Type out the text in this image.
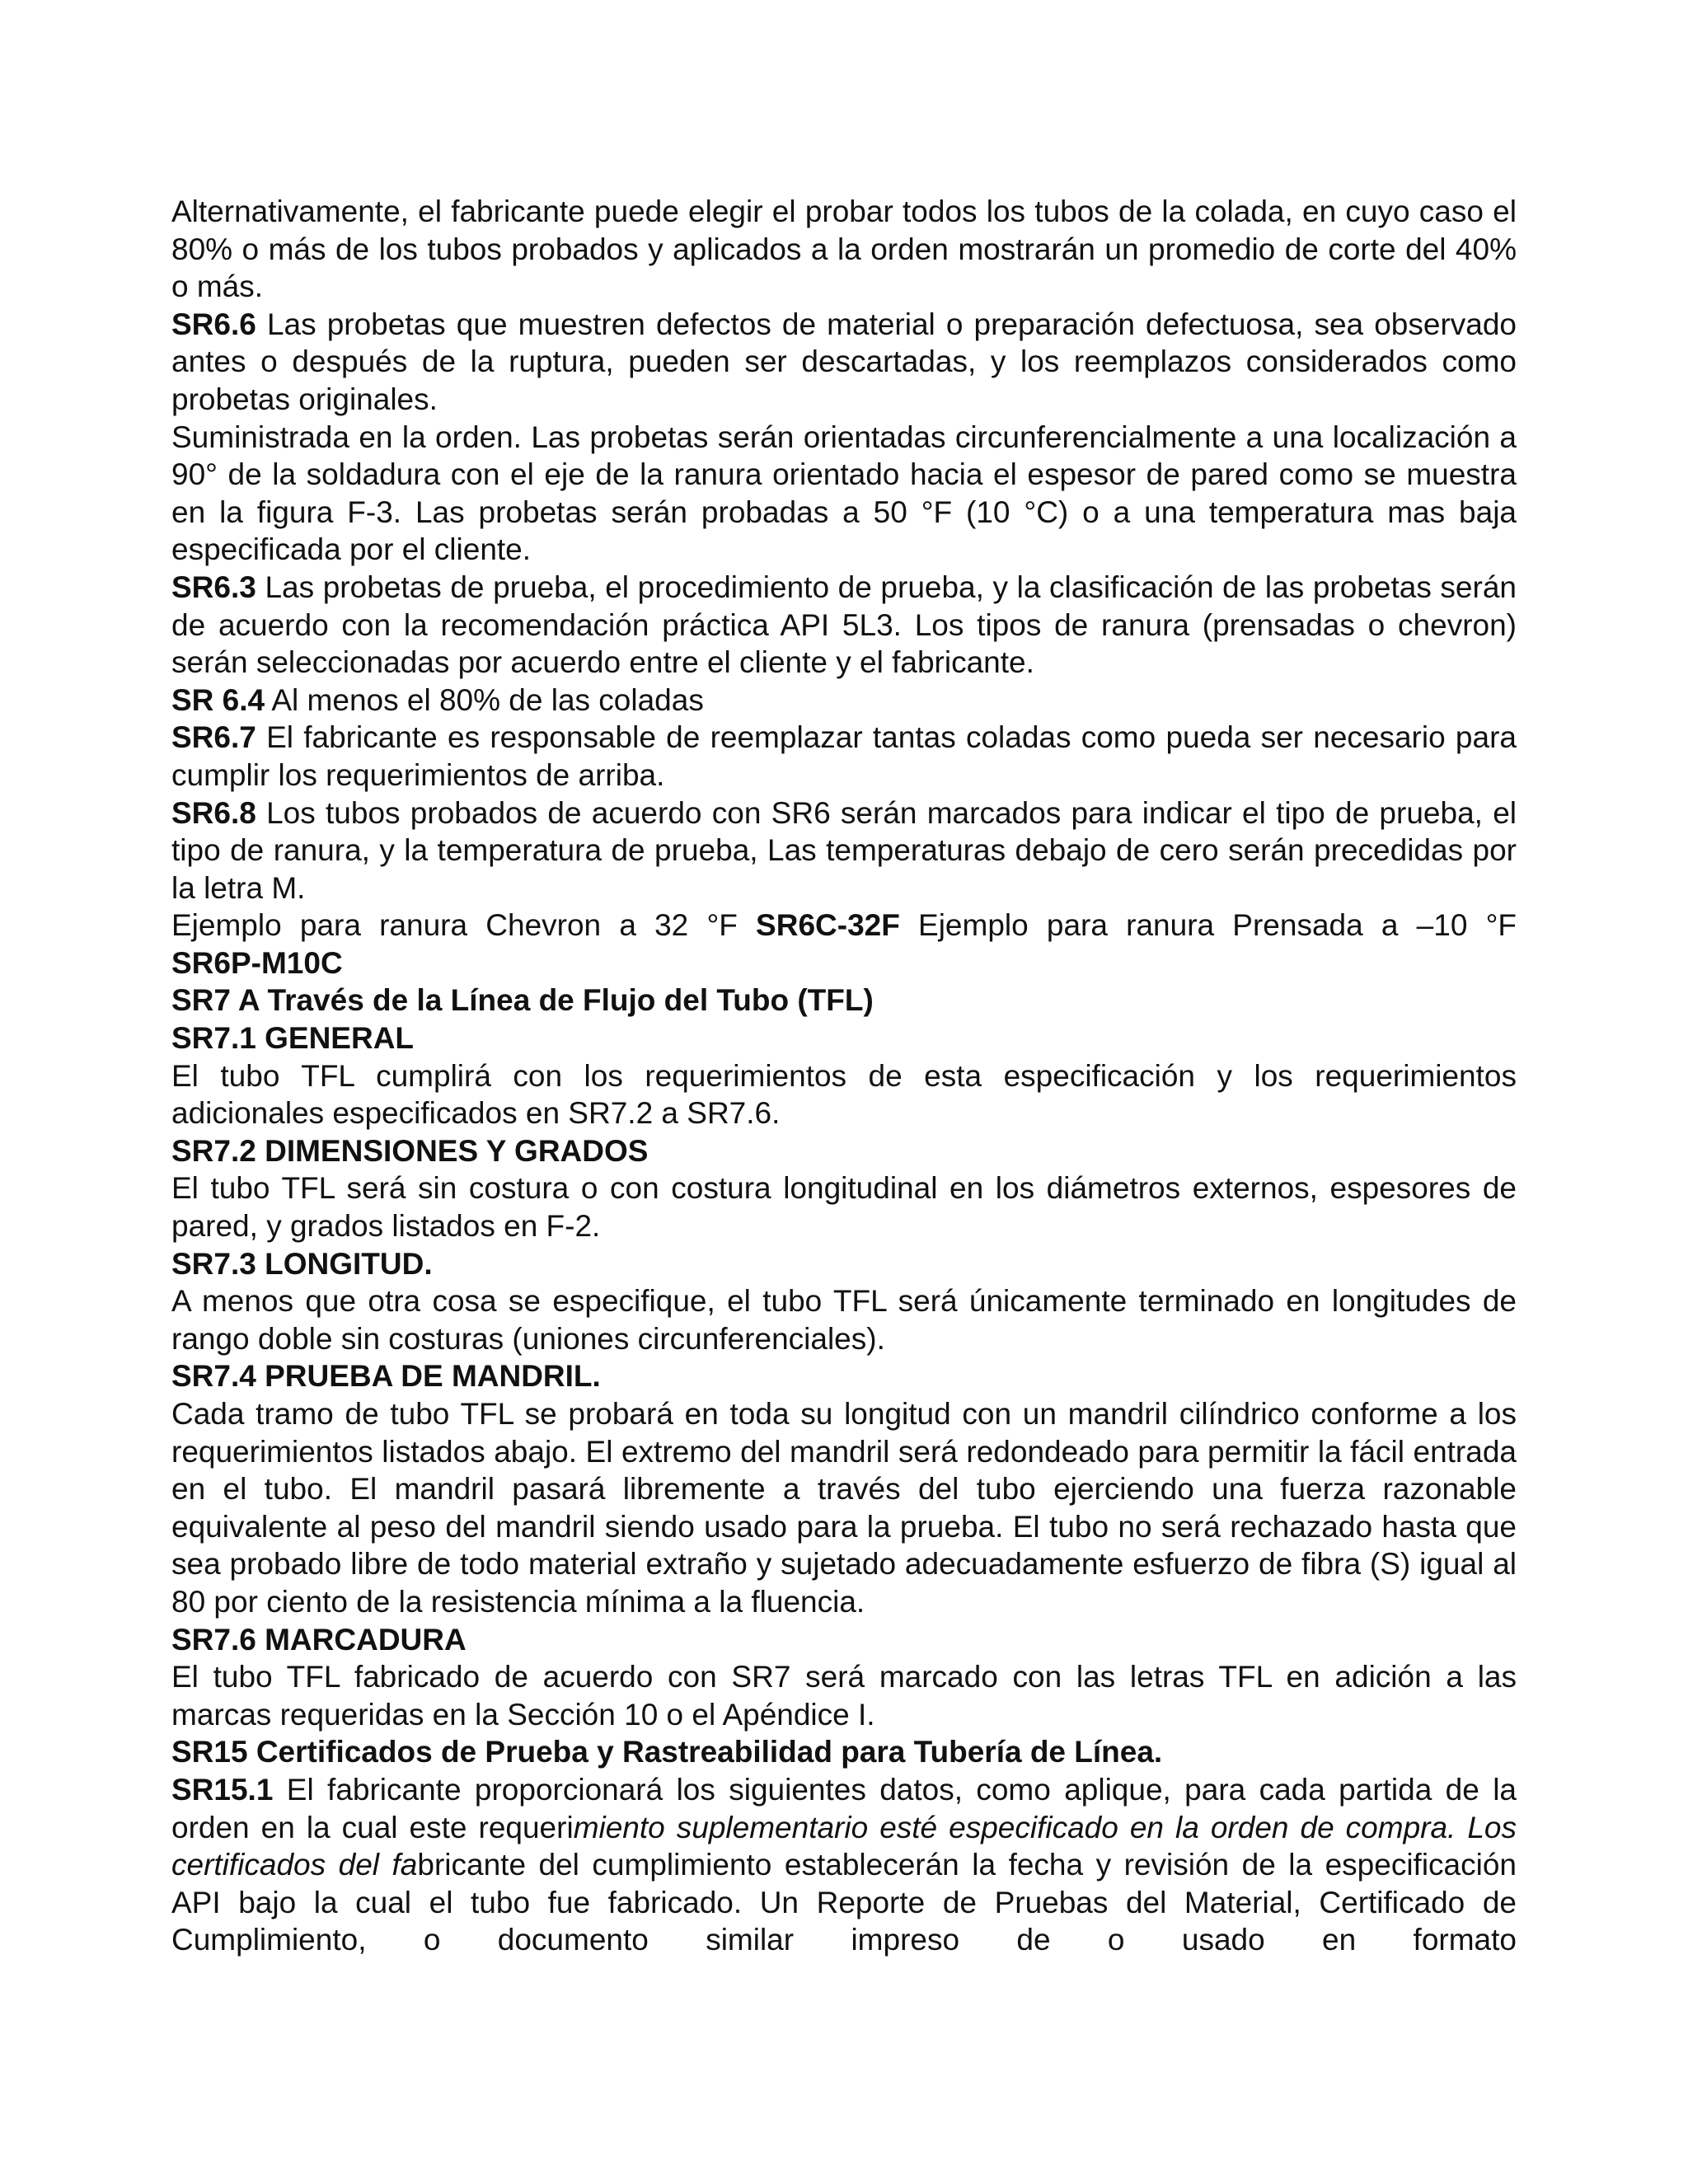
Alternativamente, el fabricante puede elegir el probar todos los tubos de la colada, en cuyo caso el 80% o más de los tubos probados y aplicados a la orden mostrarán un promedio de corte del 40% o más.

SR6.6 Las probetas que muestren defectos de material o preparación defectuosa, sea observado antes o después de la ruptura, pueden ser descartadas, y los reemplazos considerados como probetas originales.

Suministrada en la orden. Las probetas serán orientadas circunferencialmente a una localización a 90° de la soldadura con el eje de la ranura orientado hacia el espesor de pared como se muestra en la figura F-3. Las probetas serán probadas a 50 °F (10 °C) o a una temperatura mas baja especificada por el cliente.

SR6.3 Las probetas de prueba, el procedimiento de prueba, y la clasificación de las probetas serán de acuerdo con la recomendación práctica API 5L3. Los tipos de ranura (prensadas o chevron) serán seleccionadas por acuerdo entre el cliente y el fabricante.

SR 6.4 Al menos el 80% de las coladas

SR6.7 El fabricante es responsable de reemplazar tantas coladas como pueda ser necesario para cumplir los requerimientos de arriba.

SR6.8 Los tubos probados de acuerdo con SR6 serán marcados para indicar el tipo de prueba, el tipo de ranura, y la temperatura de prueba, Las temperaturas debajo de cero serán precedidas por la letra M.

Ejemplo para ranura Chevron a 32 °F SR6C-32F Ejemplo para ranura Prensada a –10 °F

SR6P-M10C

SR7 A Través de la Línea de Flujo del Tubo (TFL)

SR7.1 GENERAL

El tubo TFL cumplirá con los requerimientos de esta especificación y los requerimientos adicionales especificados en SR7.2 a SR7.6.

SR7.2 DIMENSIONES Y GRADOS

El tubo TFL será sin costura o con costura longitudinal en los diámetros externos, espesores de pared, y grados listados en F-2.

SR7.3 LONGITUD.

A menos que otra cosa se especifique, el tubo TFL será únicamente terminado en longitudes de rango doble sin costuras (uniones circunferenciales).

SR7.4 PRUEBA DE MANDRIL.

Cada tramo de tubo TFL se probará en toda su longitud con un mandril cilíndrico conforme a los requerimientos listados abajo. El extremo del mandril será redondeado para permitir la fácil entrada en el tubo. El mandril pasará libremente a través del tubo ejerciendo una fuerza razonable equivalente al peso del mandril siendo usado para la prueba. El tubo no será rechazado hasta que sea probado libre de todo material extraño y sujetado adecuadamente esfuerzo de fibra (S) igual al 80 por ciento de la resistencia mínima a la fluencia.

SR7.6 MARCADURA

El tubo TFL fabricado de acuerdo con SR7 será marcado con las letras TFL en adición a las marcas requeridas en la Sección 10 o el Apéndice I.

SR15 Certificados de Prueba y Rastreabilidad para Tubería de Línea.

SR15.1 El fabricante proporcionará los siguientes datos, como aplique, para cada partida de la orden en la cual este requerimiento suplementario esté especificado en la orden de compra. Los certificados del fabricante del cumplimiento establecerán la fecha y revisión de la especificación API bajo la cual el tubo fue fabricado. Un Reporte de Pruebas del Material, Certificado de Cumplimiento, o documento similar impreso de o usado en formato
